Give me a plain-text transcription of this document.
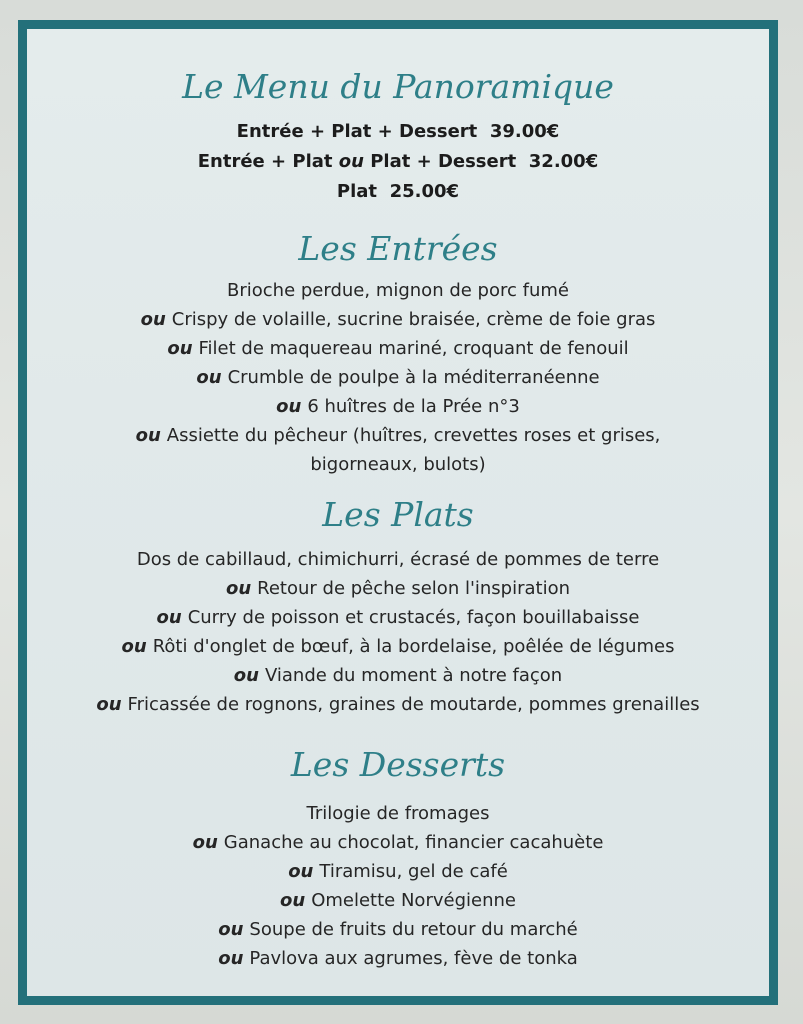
Le Menu du Panoramique
Entrée + Plat + Dessert 39.00€
Entrée + Plat ou Plat + Dessert 32.00€
Plat 25.00€
Les Entrées
Brioche perdue, mignon de porc fumé
ou Crispy de volaille, sucrine braisée, crème de foie gras
ou Filet de maquereau mariné, croquant de fenouil
ou Crumble de poulpe à la méditerranéenne
ou 6 huîtres de la Prée n°3
ou Assiette du pêcheur (huîtres, crevettes roses et grises,
bigorneaux, bulots)
Les Plats
Dos de cabillaud, chimichurri, écrasé de pommes de terre
ou Retour de pêche selon l'inspiration
ou Curry de poisson et crustacés, façon bouillabaisse
ou Rôti d'onglet de bœuf, à la bordelaise, poêlée de légumes
ou Viande du moment à notre façon
ou Fricassée de rognons, graines de moutarde, pommes grenailles
Les Desserts
Trilogie de fromages
ou Ganache au chocolat, financier cacahuète
ou Tiramisu, gel de café
ou Omelette Norvégienne
ou Soupe de fruits du retour du marché
ou Pavlova aux agrumes, fève de tonka
